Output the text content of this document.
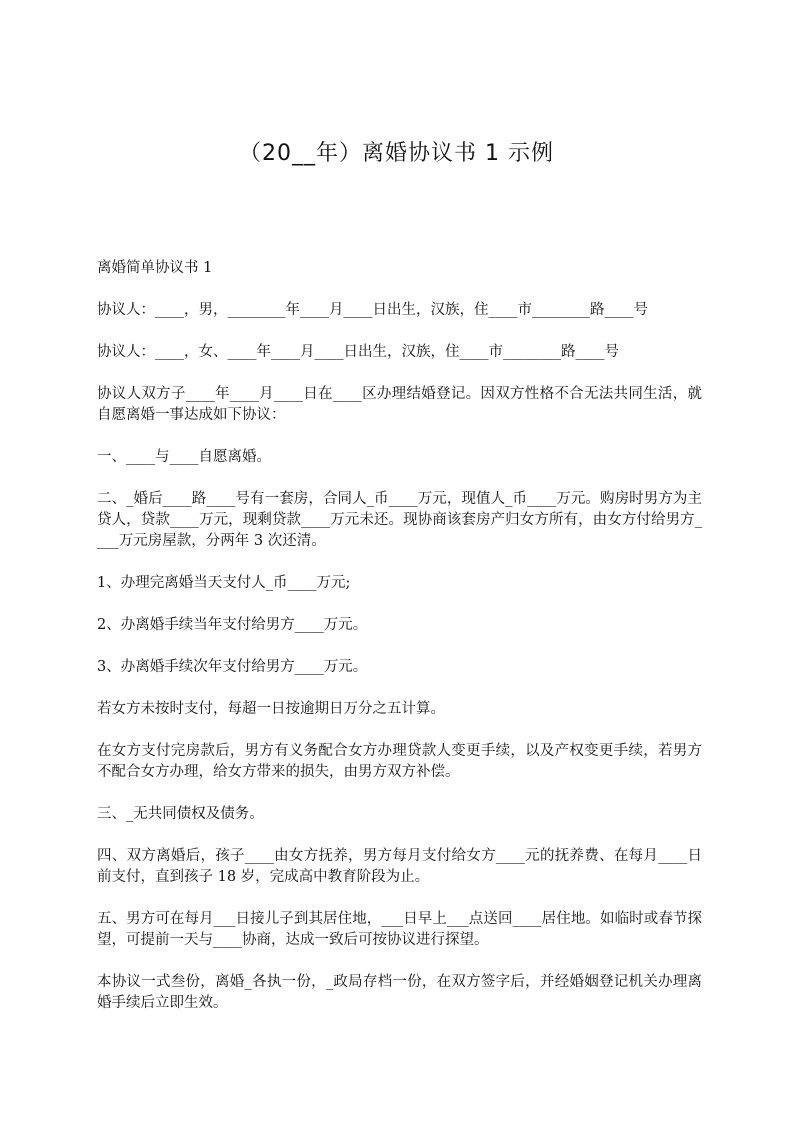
（20__年）离婚协议书 1 示例

离婚简单协议书 1

协议人：____，男，________年____月____日出生，汉族，住____市________路____号

协议人：____，女、____年____月____日出生，汉族，住____市________路____号

协议人双方子____年____月____日在____区办理结婚登记。因双方性格不合无法共同生活，就自愿离婚一事达成如下协议：

一、____与____自愿离婚。

二、_婚后____路____号有一套房，合同人_币____万元，现值人_币____万元。购房时男方为主贷人，贷款____万元，现剩贷款____万元未还。现协商该套房产归女方所有，由女方付给男方____万元房屋款，分两年 3 次还清。

1、办理完离婚当天支付人_币____万元;

2、办离婚手续当年支付给男方____万元。

3、办离婚手续次年支付给男方____万元。

若女方未按时支付，每超一日按逾期日万分之五计算。

在女方支付完房款后，男方有义务配合女方办理贷款人变更手续，以及产权变更手续，若男方不配合女方办理，给女方带来的损失，由男方双方补偿。

三、_无共同债权及债务。

四、双方离婚后，孩子____由女方抚养，男方每月支付给女方____元的抚养费、在每月____日前支付，直到孩子 18 岁，完成高中教育阶段为止。

五、男方可在每月___日接儿子到其居住地，___日早上___点送回____居住地。如临时或春节探望，可提前一天与____协商，达成一致后可按协议进行探望。

本协议一式叁份，离婚_各执一份，_政局存档一份，在双方签字后，并经婚姻登记机关办理离婚手续后立即生效。
